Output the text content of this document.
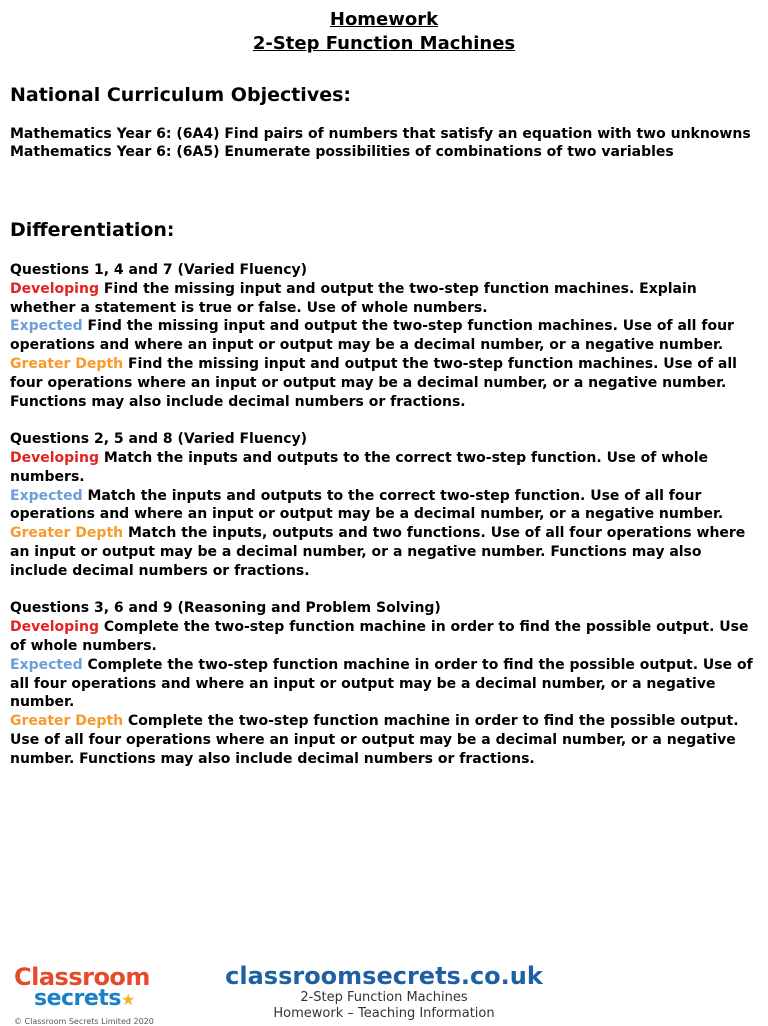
Homework
2-Step Function Machines
National Curriculum Objectives:
Mathematics Year 6: (6A4) Find pairs of numbers that satisfy an equation with two unknowns
Mathematics Year 6: (6A5) Enumerate possibilities of combinations of two variables
Differentiation:
Questions 1, 4 and 7 (Varied Fluency)
Developing Find the missing input and output the two-step function machines. Explain whether a statement is true or false. Use of whole numbers.
Expected Find the missing input and output the two-step function machines. Use of all four operations and where an input or output may be a decimal number, or a negative number.
Greater Depth Find the missing input and output the two-step function machines. Use of all four operations where an input or output may be a decimal number, or a negative number. Functions may also include decimal numbers or fractions.
Questions 2, 5 and 8 (Varied Fluency)
Developing Match the inputs and outputs to the correct two-step function. Use of whole numbers.
Expected Match the inputs and outputs to the correct two-step function. Use of all four operations and where an input or output may be a decimal number, or a negative number.
Greater Depth Match the inputs, outputs and two functions. Use of all four operations where an input or output may be a decimal number, or a negative number. Functions may also include decimal numbers or fractions.
Questions 3, 6 and 9 (Reasoning and Problem Solving)
Developing Complete the two-step function machine in order to find the possible output. Use of whole numbers.
Expected Complete the two-step function machine in order to find the possible output. Use of all four operations and where an input or output may be a decimal number, or a negative number.
Greater Depth Complete the two-step function machine in order to find the possible output. Use of all four operations where an input or output may be a decimal number, or a negative number. Functions may also include decimal numbers or fractions.
Classroom
secrets★
© Classroom Secrets Limited 2020
classroomsecrets.co.uk
2-Step Function Machines
Homework – Teaching Information
